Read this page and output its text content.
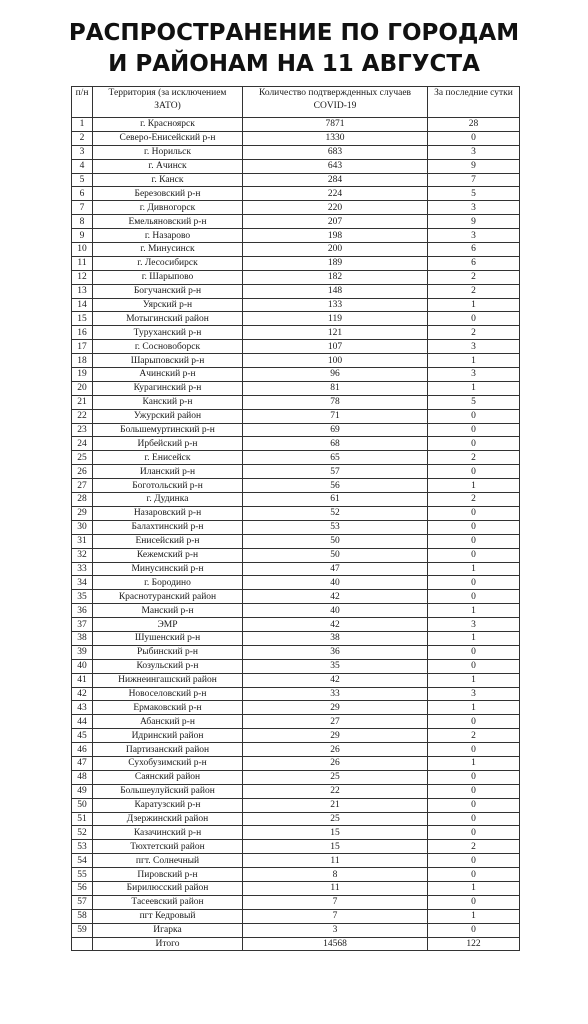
РАСПРОСТРАНЕНИЕ ПО ГОРОДАМ
И РАЙОНАМ НА 11 АВГУСТА
п/н	Территория (за исключением ЗАТО)	Количество подтвержденных случаев COVID-19	За последние сутки
1	г. Красноярск	7871	28
2	Северо-Енисейский р-н	1330	0
3	г. Норильск	683	3
4	г. Ачинск	643	9
5	г. Канск	284	7
6	Березовский р-н	224	5
7	г. Дивногорск	220	3
8	Емельяновский р-н	207	9
9	г. Назарово	198	3
10	г. Минусинск	200	6
11	г. Лесосибирск	189	6
12	г. Шарыпово	182	2
13	Богучанский р-н	148	2
14	Уярский р-н	133	1
15	Мотыгинский район	119	0
16	Туруханский р-н	121	2
17	г. Сосновоборск	107	3
18	Шарыповский р-н	100	1
19	Ачинский р-н	96	3
20	Курагинский р-н	81	1
21	Канский р-н	78	5
22	Ужурский район	71	0
23	Большемуртинский р-н	69	0
24	Ирбейский р-н	68	0
25	г. Енисейск	65	2
26	Иланский р-н	57	0
27	Боготольский р-н	56	1
28	г. Дудинка	61	2
29	Назаровский р-н	52	0
30	Балахтинский р-н	53	0
31	Енисейский р-н	50	0
32	Кежемский р-н	50	0
33	Минусинский р-н	47	1
34	г. Бородино	40	0
35	Краснотуранский район	42	0
36	Манский р-н	40	1
37	ЭМР	42	3
38	Шушенский р-н	38	1
39	Рыбинский р-н	36	0
40	Козульский р-н	35	0
41	Нижнеингашский район	42	1
42	Новоселовский р-н	33	3
43	Ермаковский р-н	29	1
44	Абанский р-н	27	0
45	Идринский район	29	2
46	Партизанский район	26	0
47	Сухобузимский р-н	26	1
48	Саянский район	25	0
49	Большеулуйский район	22	0
50	Каратузский р-н	21	0
51	Дзержинский район	25	0
52	Казачинский р-н	15	0
53	Тюхтетский район	15	2
54	пгт. Солнечный	11	0
55	Пировский р-н	8	0
56	Бирилюсский район	11	1
57	Тасеевский район	7	0
58	пгт Кедровый	7	1
59	Игарка	3	0
	Итого	14568	122
